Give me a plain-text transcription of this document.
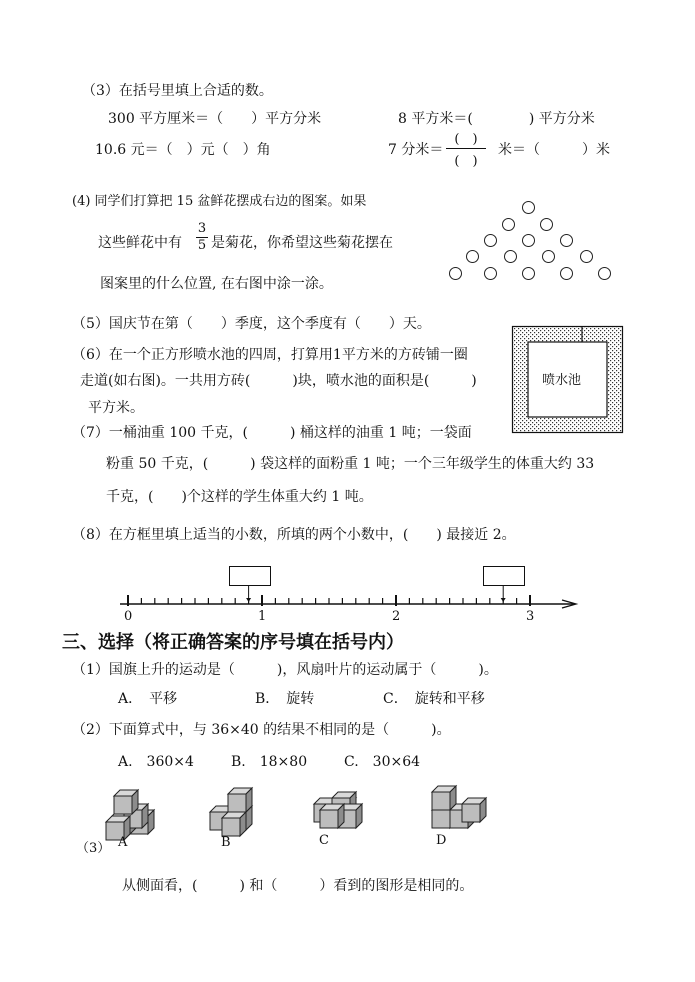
（3）在括号里填上合适的数。
300 平方厘米＝（　　）平方分米	8 平方米＝(　　　　) 平方分米
10.6 元＝（　）元（　）角	7 分米＝
(　)
(　)
米＝（　　　）米
(4) 同学们打算把 15 盆鲜花摆成右边的图案。如果
这些鲜花中有
3
5 是菊花，你希望这些菊花摆在
图案里的什么位置, 在右图中涂一涂。
（5）国庆节在第（　　）季度，这个季度有（　　）天。
（6）在一个正方形喷水池的四周，打算用1平方米的方砖铺一圈
走道(如右图)。一共用方砖(　　　)块，喷水池的面积是(　　　)
平方米。
喷水池
（7）一桶油重 100 千克，(　　　) 桶这样的油重 1 吨；一袋面
粉重 50 千克，(　　　) 袋这样的面粉重 1 吨；一个三年级学生的体重大约 33
千克，(　　)个这样的学生体重大约 1 吨。
（8）在方框里填上适当的小数，所填的两个小数中，(　　) 最接近 2。
0	1	2	3
三、选择（将正确答案的序号填在括号内）
（1）国旗上升的运动是（　　　)，风扇叶片的运动属于（　　　)。
A．　平移	B．　旋转	C．　旋转和平移
（2）下面算式中，与 36×40 的结果不相同的是（　　　)。
A.　360×4	B.　18×80	C.　30×64
（3） A	B	C	D
从侧面看，(　　　) 和（　　　）看到的图形是相同的。
